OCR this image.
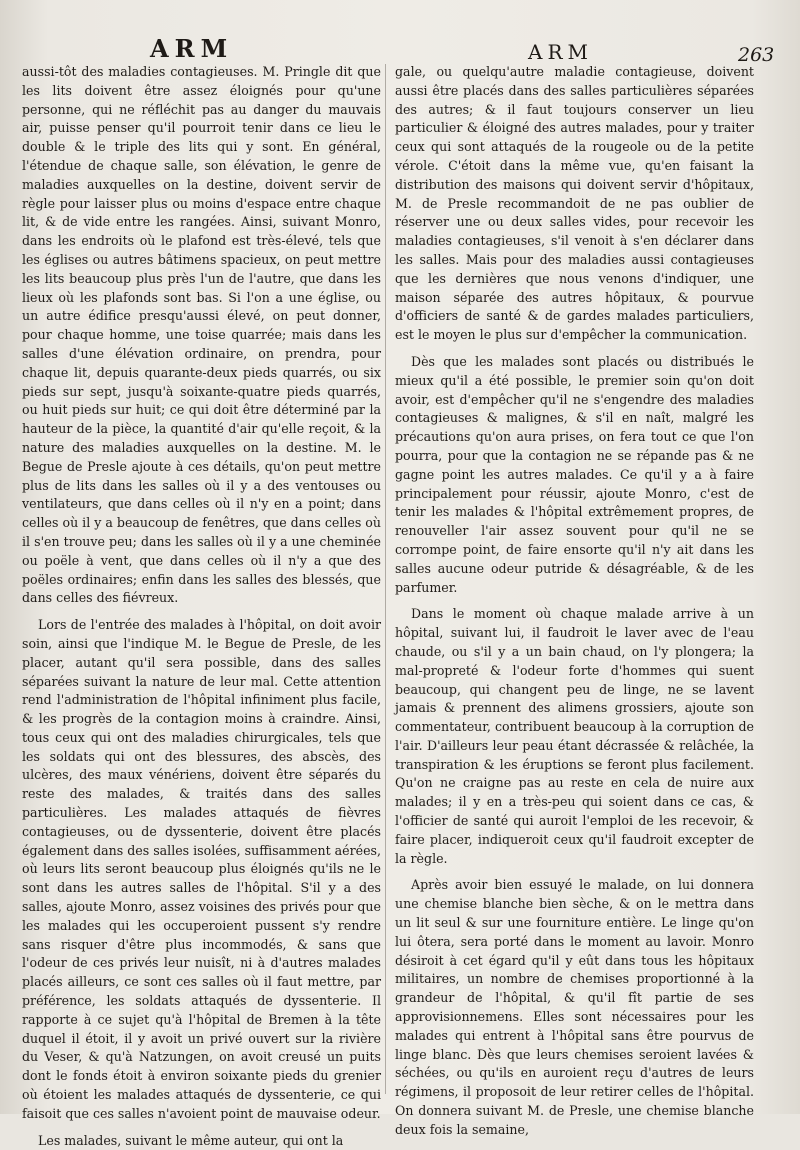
ARM	ARM	263

aussi-tôt des maladies contagieuses. M. Pringle dit que les lits doivent être assez éloignés pour qu'une personne, qui ne réfléchit pas au danger du mauvais air, puisse penser qu'il pourroit tenir dans ce lieu le double & le triple des lits qui y sont. En général, l'étendue de chaque salle, son élévation, le genre de maladies auxquelles on la destine, doivent servir de règle pour laisser plus ou moins d'espace entre chaque lit, & de vide entre les rangées. Ainsi, suivant Monro, dans les endroits où le plafond est très-élevé, tels que les églises ou autres bâtimens spacieux, on peut mettre les lits beaucoup plus près l'un de l'autre, que dans les lieux où les plafonds sont bas. Si l'on a une église, ou un autre édifice presqu'aussi élevé, on peut donner, pour chaque homme, une toise quarrée; mais dans les salles d'une élévation ordinaire, on prendra, pour chaque lit, depuis quarante-deux pieds quarrés, ou six pieds sur sept, jusqu'à soixante-quatre pieds quarrés, ou huit pieds sur huit; ce qui doit être déterminé par la hauteur de la pièce, la quantité d'air qu'elle reçoit, & la nature des maladies auxquelles on la destine. M. le Begue de Presle ajoute à ces détails, qu'on peut mettre plus de lits dans les salles où il y a des ventouses ou ventilateurs, que dans celles où il n'y en a point; dans celles où il y a beaucoup de fenêtres, que dans celles où il s'en trouve peu; dans les salles où il y a une cheminée ou poële à vent, que dans celles où il n'y a que des poëles ordinaires; enfin dans les salles des blessés, que dans celles des fiévreux.

Lors de l'entrée des malades à l'hôpital, on doit avoir soin, ainsi que l'indique M. le Begue de Presle, de les placer, autant qu'il sera possible, dans des salles séparées suivant la nature de leur mal. Cette attention rend l'administration de l'hôpital infiniment plus facile, & les progrès de la contagion moins à craindre. Ainsi, tous ceux qui ont des maladies chirurgicales, tels que les soldats qui ont des blessures, des abscès, des ulcères, des maux vénériens, doivent être séparés du reste des malades, & traités dans des salles particulières. Les malades attaqués de fièvres contagieuses, ou de dyssenterie, doivent être placés également dans des salles isolées, suffisamment aérées, où leurs lits seront beaucoup plus éloignés qu'ils ne le sont dans les autres salles de l'hôpital. S'il y a des salles, ajoute Monro, assez voisines des privés pour que les malades qui les occuperoient pussent s'y rendre sans risquer d'être plus incommodés, & sans que l'odeur de ces privés leur nuisît, ni à d'autres malades placés ailleurs, ce sont ces salles où il faut mettre, par préférence, les soldats attaqués de dyssenterie. Il rapporte à ce sujet qu'à l'hôpital de Bremen à la tête duquel il étoit, il y avoit un privé ouvert sur la rivière du Veser, & qu'à Natzungen, on avoit creusé un puits dont le fonds étoit à environ soixante pieds du grenier où étoient les malades attaqués de dyssenterie, ce qui faisoit que ces salles n'avoient point de mauvaise odeur.

Les malades, suivant le même auteur, qui ont la

gale, ou quelqu'autre maladie contagieuse, doivent aussi être placés dans des salles particulières séparées des autres; & il faut toujours conserver un lieu particulier & éloigné des autres malades, pour y traiter ceux qui sont attaqués de la rougeole ou de la petite vérole. C'étoit dans la même vue, qu'en faisant la distribution des maisons qui doivent servir d'hôpitaux, M. de Presle recommandoit de ne pas oublier de réserver une ou deux salles vides, pour recevoir les maladies contagieuses, s'il venoit à s'en déclarer dans les salles. Mais pour des maladies aussi contagieuses que les dernières que nous venons d'indiquer, une maison séparée des autres hôpitaux, & pourvue d'officiers de santé & de gardes malades particuliers, est le moyen le plus sur d'empêcher la communication.

Dès que les malades sont placés ou distribués le mieux qu'il a été possible, le premier soin qu'on doit avoir, est d'empêcher qu'il ne s'engendre des maladies contagieuses & malignes, & s'il en naît, malgré les précautions qu'on aura prises, on fera tout ce que l'on pourra, pour que la contagion ne se répande pas & ne gagne point les autres malades. Ce qu'il y a à faire principalement pour réussir, ajoute Monro, c'est de tenir les malades & l'hôpital extrêmement propres, de renouveller l'air assez souvent pour qu'il ne se corrompe point, de faire ensorte qu'il n'y ait dans les salles aucune odeur putride & désagréable, & de les parfumer.

Dans le moment où chaque malade arrive à un hôpital, suivant lui, il faudroit le laver avec de l'eau chaude, ou s'il y a un bain chaud, on l'y plongera; la mal-propreté & l'odeur forte d'hommes qui suent beaucoup, qui changent peu de linge, ne se lavent jamais & prennent des alimens grossiers, ajoute son commentateur, contribuent beaucoup à la corruption de l'air. D'ailleurs leur peau étant décrassée & relâchée, la transpiration & les éruptions se feront plus facilement. Qu'on ne craigne pas au reste en cela de nuire aux malades; il y en a très-peu qui soient dans ce cas, & l'officier de santé qui auroit l'emploi de les recevoir, & faire placer, indiqueroit ceux qu'il faudroit excepter de la règle.

Après avoir bien essuyé le malade, on lui donnera une chemise blanche bien sèche, & on le mettra dans un lit seul & sur une fourniture entière. Le linge qu'on lui ôtera, sera porté dans le moment au lavoir. Monro désiroit à cet égard qu'il y eût dans tous les hôpitaux militaires, un nombre de chemises proportionné à la grandeur de l'hôpital, & qu'il fît partie de ses approvisionnemens. Elles sont nécessaires pour les malades qui entrent à l'hôpital sans être pourvus de linge blanc. Dès que leurs chemises seroient lavées & séchées, ou qu'ils en auroient reçu d'autres de leurs régimens, il proposoit de leur retirer celles de l'hôpital. On donnera suivant M. de Presle, une chemise blanche deux fois la semaine,
